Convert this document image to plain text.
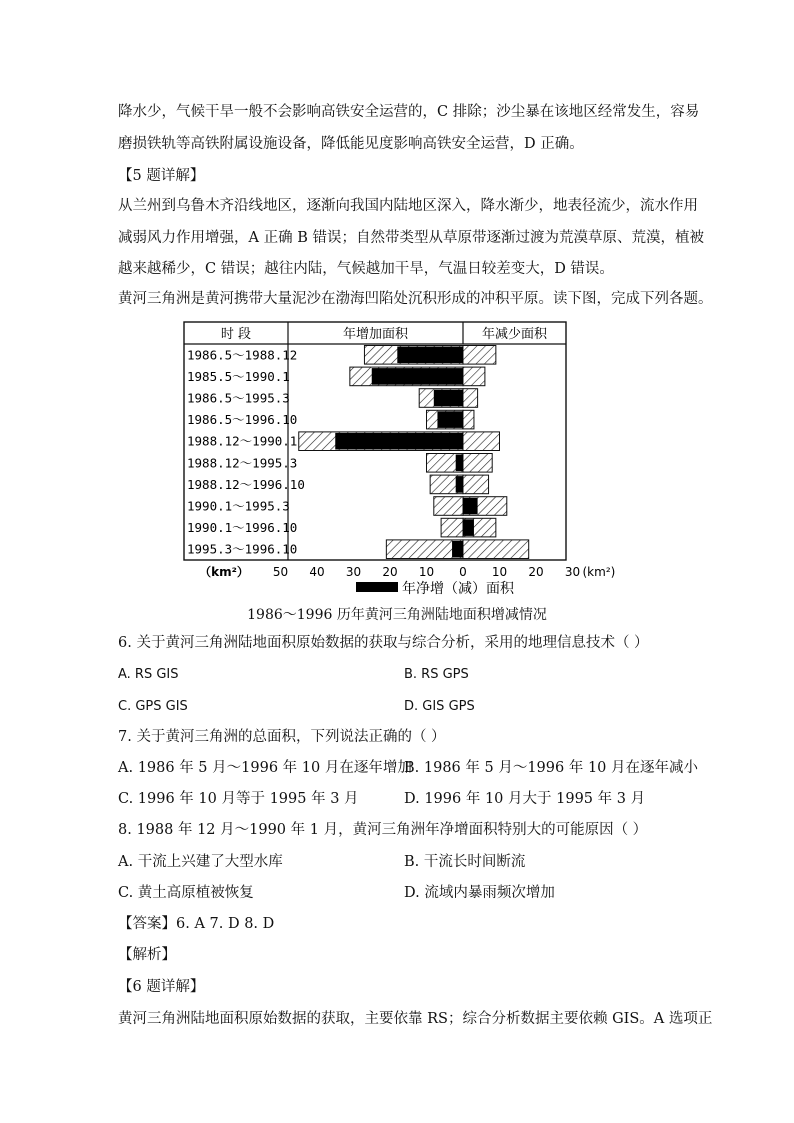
降水少，气候干旱一般不会影响高铁安全运营的，C 排除；沙尘暴在该地区经常发生，容易
磨损铁轨等高铁附属设施设备，降低能见度影响高铁安全运营，D 正确。
【5 题详解】
从兰州到乌鲁木齐沿线地区，逐渐向我国内陆地区深入，降水渐少，地表径流少，流水作用
减弱风力作用增强，A 正确 B 错误；自然带类型从草原带逐渐过渡为荒漠草原、荒漠，植被
越来越稀少，C 错误；越往内陆，气候越加干旱，气温日较差变大，D 错误。
黄河三角洲是黄河携带大量泥沙在渤海凹陷处沉积形成的冲积平原。读下图，完成下列各题。
时 段	年增加面积	年减少面积
1986.5～1988.12
1985.5～1990.1
1986.5～1995.3
1986.5～1996.10
1988.12～1990.1
1988.12～1995.3
1988.12～1996.10
1990.1～1995.3
1990.1～1996.10
1995.3～1996.10
50 40 30 20 10 0 10 20 30
（km²）	(km²)
年净增（减）面积
1986～1996 历年黄河三角洲陆地面积增减情况
6. 关于黄河三角洲陆地面积原始数据的获取与综合分析，采用的地理信息技术（ ）
A. RS GIS	B. RS GPS
C. GPS GIS	D. GIS GPS
7. 关于黄河三角洲的总面积，下列说法正确的（ ）
A. 1986 年 5 月～1996 年 10 月在逐年增加
B. 1986 年 5 月～1996 年 10 月在逐年减小
C. 1996 年 10 月等于 1995 年 3 月	D. 1996 年 10 月大于 1995 年 3 月
8. 1988 年 12 月～1990 年 1 月，黄河三角洲年净增面积特别大的可能原因（ ）
A. 干流上兴建了大型水库	B. 干流长时间断流
C. 黄土高原植被恢复	D. 流域内暴雨频次增加
【答案】6. A 7. D 8. D
【解析】
【6 题详解】
黄河三角洲陆地面积原始数据的获取，主要依靠 RS；综合分析数据主要依赖 GIS。A 选项正
